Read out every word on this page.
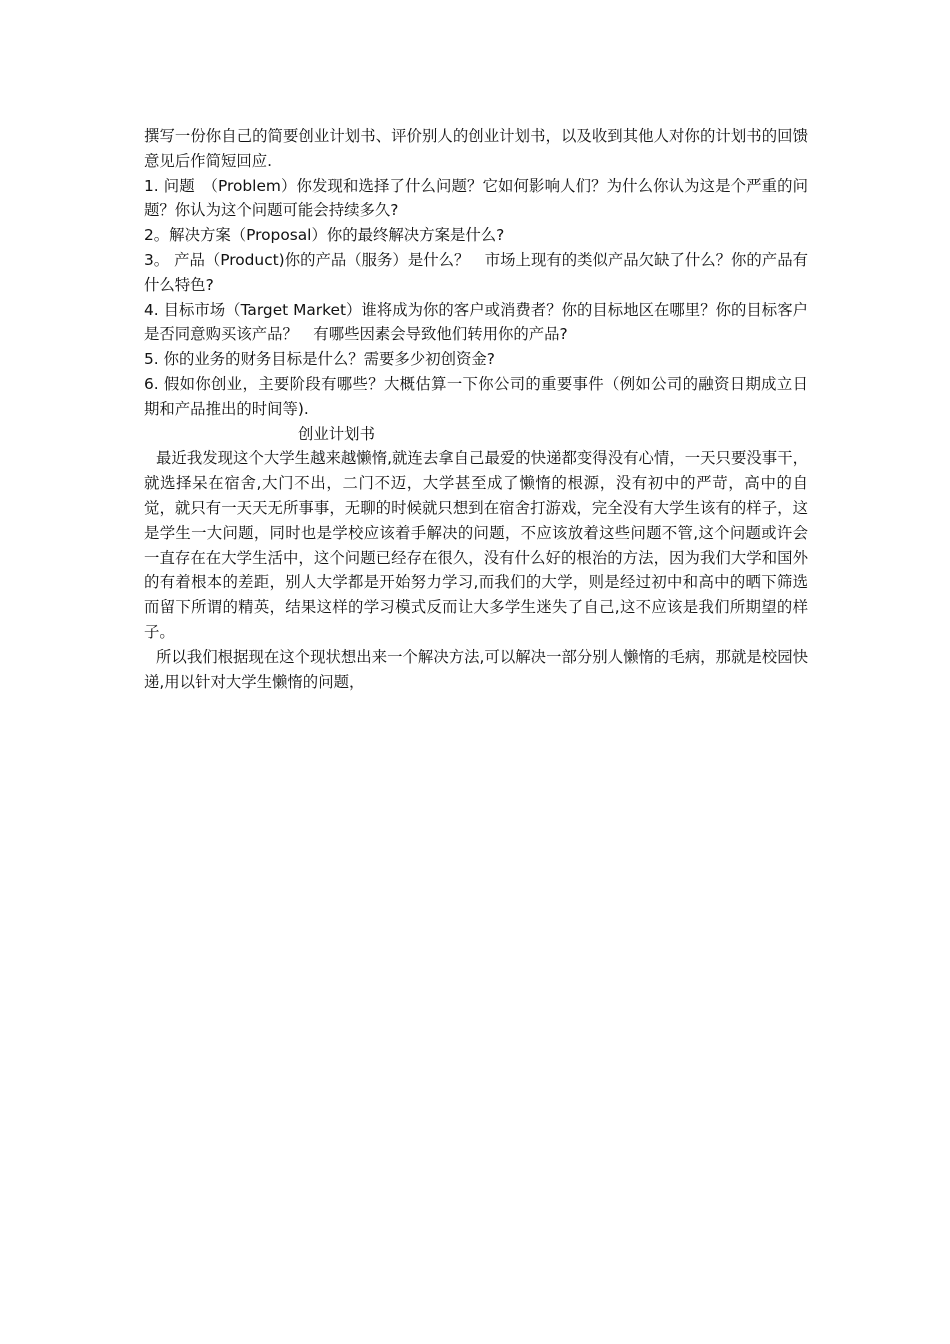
撰写一份你自己的简要创业计划书、评价别人的创业计划书，以及收到其他人对你的计划书的回馈意见后作简短回应.

1. 问题　（Problem）你发现和选择了什么问题？它如何影响人们？为什么你认为这是个严重的问题？你认为这个问题可能会持续多久?

2。解决方案（Proposal）你的最终解决方案是什么?

3。 产品（Product)你的产品（服务）是什么？　市场上现有的类似产品欠缺了什么？你的产品有什么特色?

4. 目标市场（Target Market）谁将成为你的客户或消费者？你的目标地区在哪里？你的目标客户是否同意购买该产品？　有哪些因素会导致他们转用你的产品?

5. 你的业务的财务目标是什么？需要多少初创资金?

6. 假如你创业，主要阶段有哪些？大概估算一下你公司的重要事件（例如公司的融资日期成立日期和产品推出的时间等).

创业计划书

最近我发现这个大学生越来越懒惰,就连去拿自己最爱的快递都变得没有心情，一天只要没事干，就选择呆在宿舍,大门不出，二门不迈，大学甚至成了懒惰的根源，没有初中的严苛，高中的自觉，就只有一天天无所事事，无聊的时候就只想到在宿舍打游戏，完全没有大学生该有的样子，这是学生一大问题，同时也是学校应该着手解决的问题，不应该放着这些问题不管,这个问题或许会一直存在在大学生活中，这个问题已经存在很久，没有什么好的根治的方法，因为我们大学和国外的有着根本的差距，别人大学都是开始努力学习,而我们的大学，则是经过初中和高中的晒下筛选而留下所谓的精英，结果这样的学习模式反而让大多学生迷失了自己,这不应该是我们所期望的样子。

所以我们根据现在这个现状想出来一个解决方法,可以解决一部分别人懒惰的毛病，那就是校园快递,用以针对大学生懒惰的问题，
